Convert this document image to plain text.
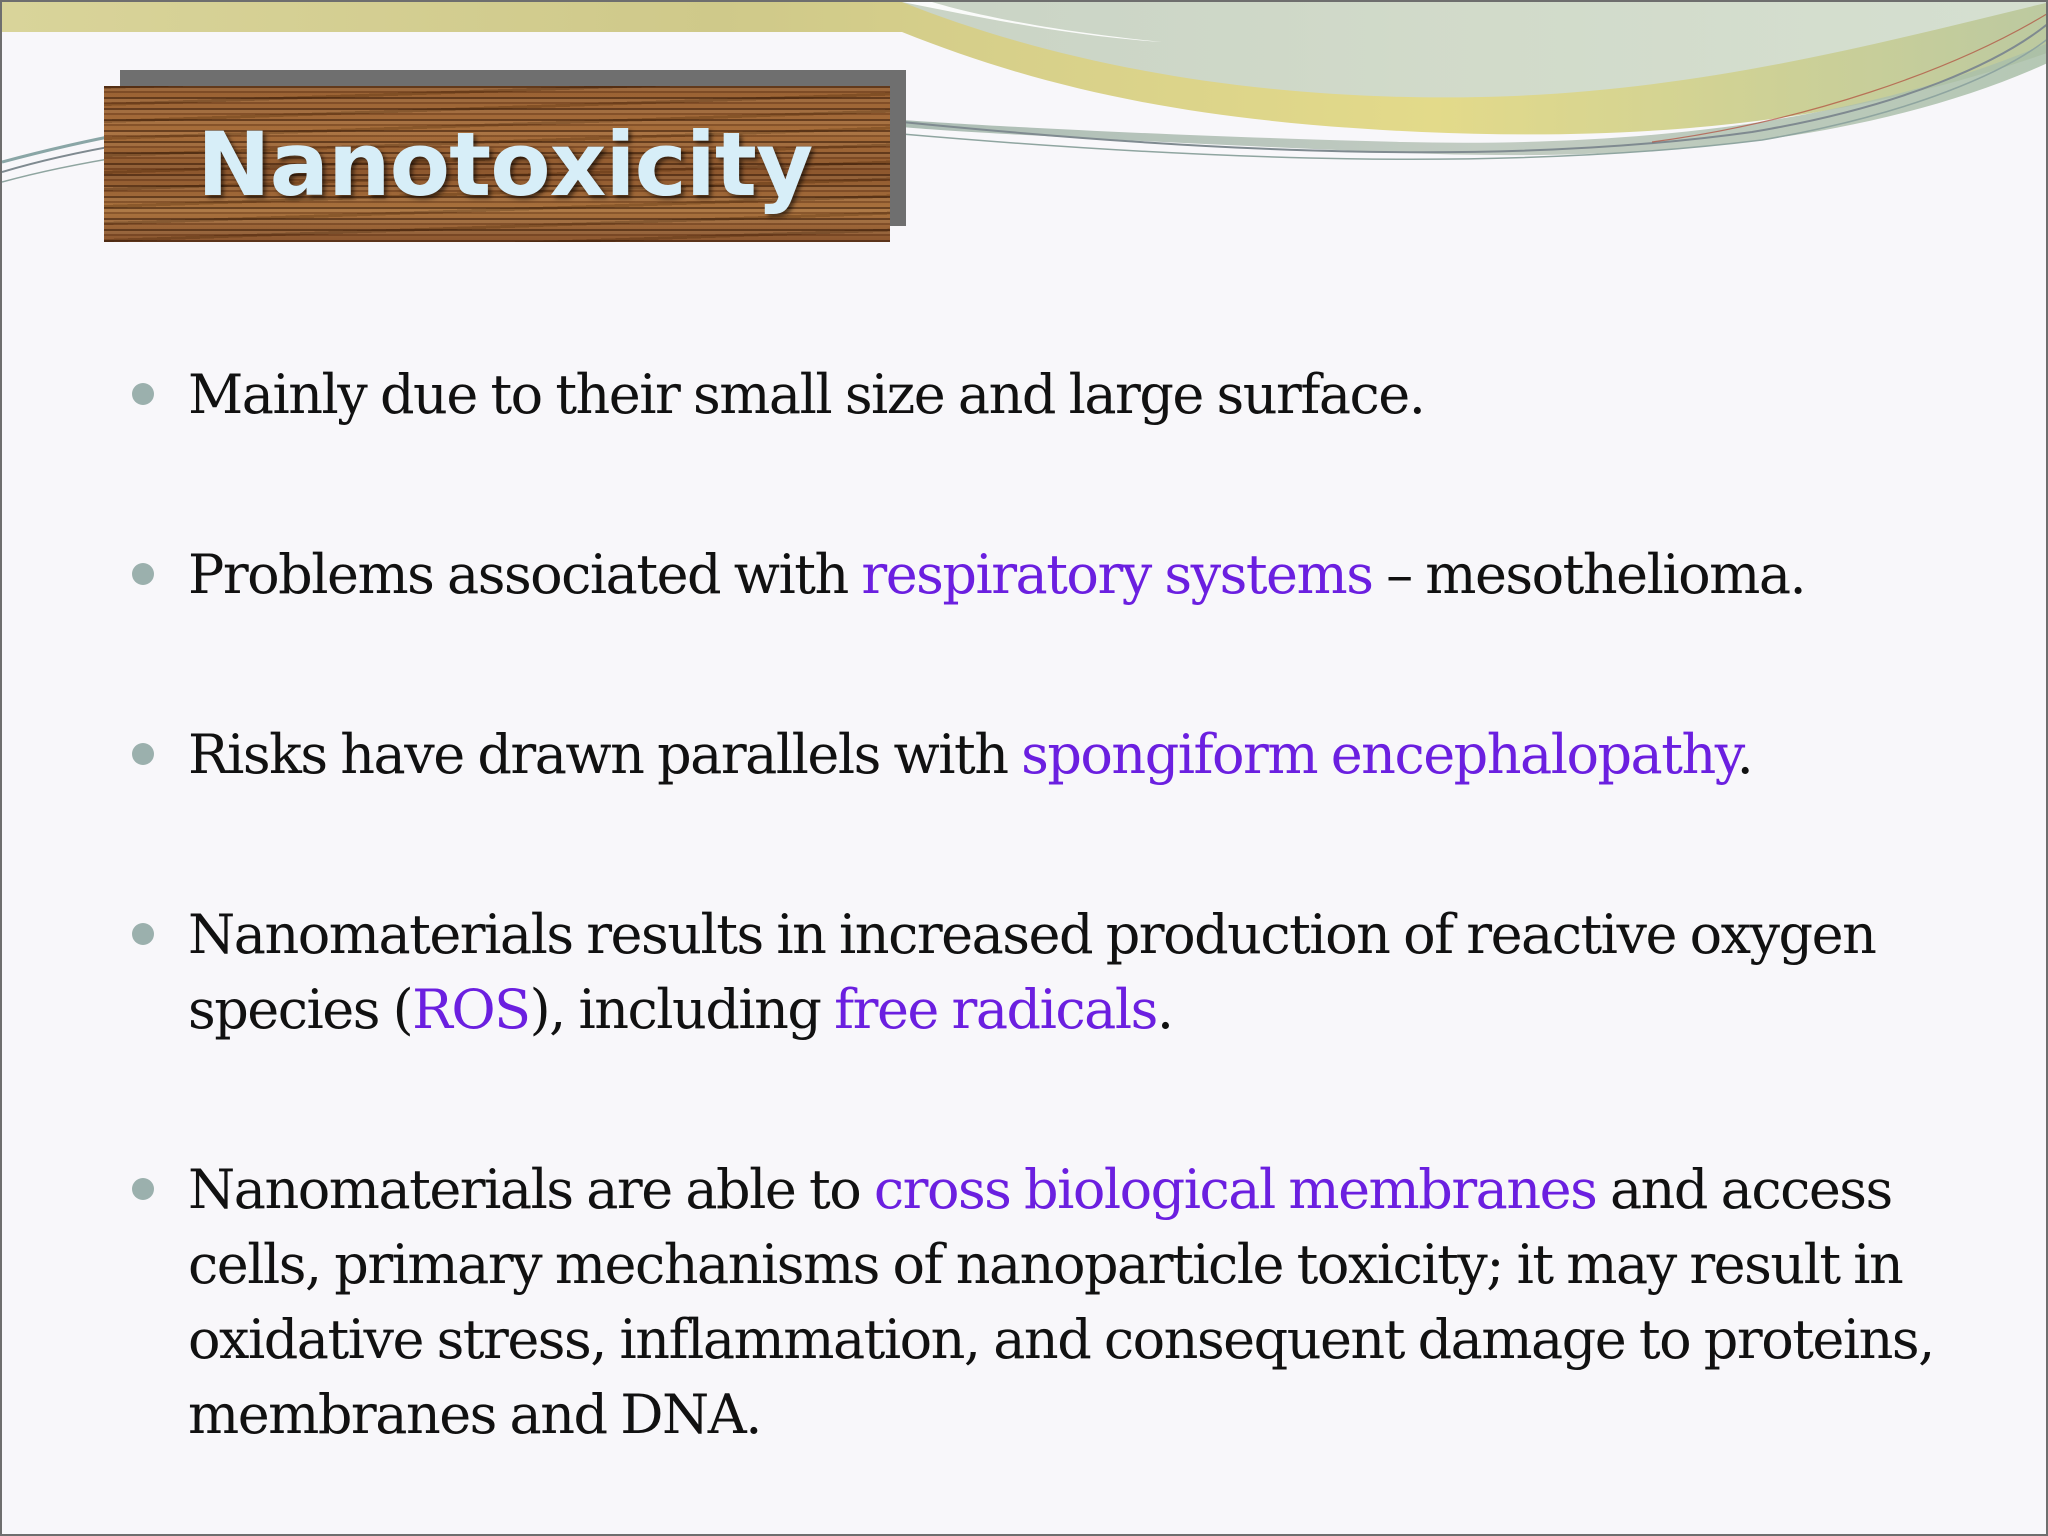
Nanotoxicity
Mainly due to their small size and large surface.
Problems associated with respiratory systems – mesothelioma.
Risks have drawn parallels with spongiform encephalopathy.
Nanomaterials results in increased production of reactive oxygen species (ROS), including free radicals.
Nanomaterials are able to cross biological membranes and access cells, primary mechanisms of nanoparticle toxicity; it may result in oxidative stress, inflammation, and consequent damage to proteins, membranes and DNA.
